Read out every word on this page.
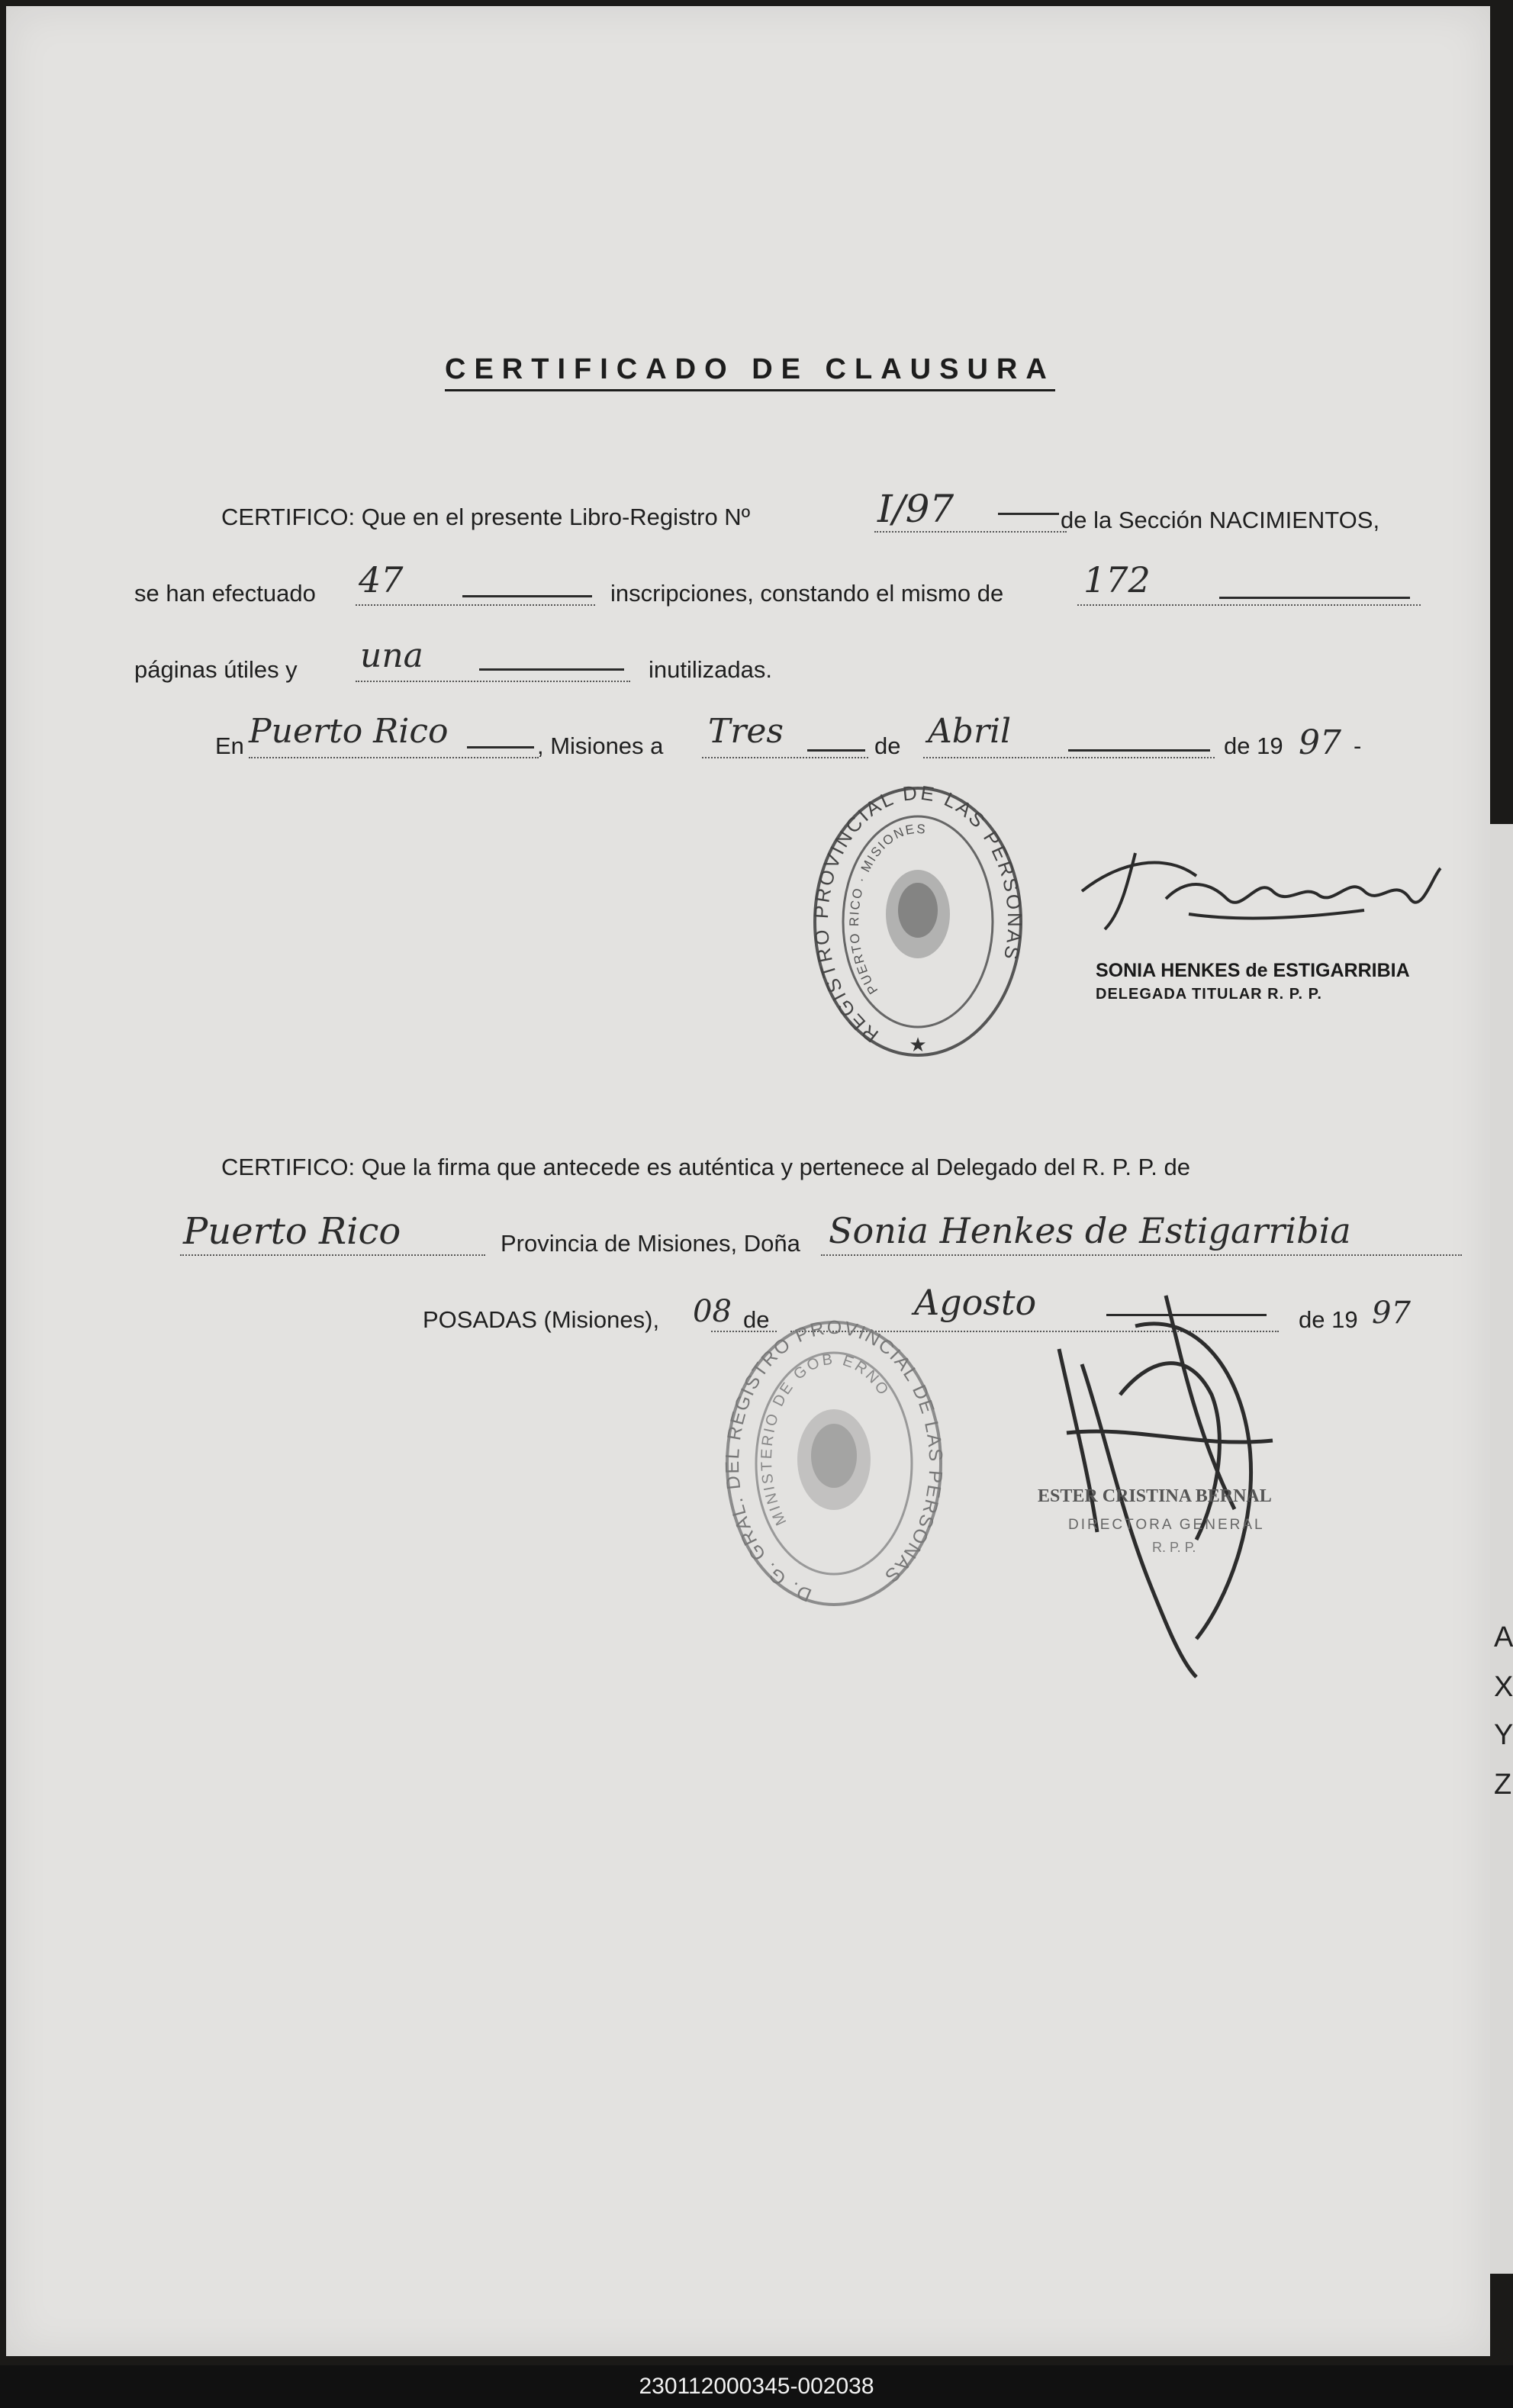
CERTIFICADO DE CLAUSURA
CERTIFICO: Que en el presente Libro-Registro Nº	I/97	de la Sección NACIMIENTOS,
se han efectuado 47	inscripciones, constando el mismo de 172
páginas útiles y una	inutilizadas.
En Puerto Rico	, Misiones a Tres	de Abril	de 19 97 -
REGISTRO PROVINCIAL DE LAS PERSONAS
PUERTO RICO · MISIONES
★
Estigarribia
SONIA HENKES de ESTIGARRIBIA
DELEGADA TITULAR R. P. P.
CERTIFICO: Que la firma que antecede es auténtica y pertenece al Delegado del R. P. P. de
Puerto Rico	Provincia de Misiones, Doña Sonia Henkes de Estigarribia
POSADAS (Misiones), 08 de	Agosto	de 19 97
D. G. GRAL. DEL REGISTRO PROVINCIAL DE LAS PERSONAS
MINISTERIO DE GOB ERNO
ESTER CRISTINA BERNAL
DIRECTORA GENERAL
R. P. P.
A
X
Y
Z
230112000345-002038
